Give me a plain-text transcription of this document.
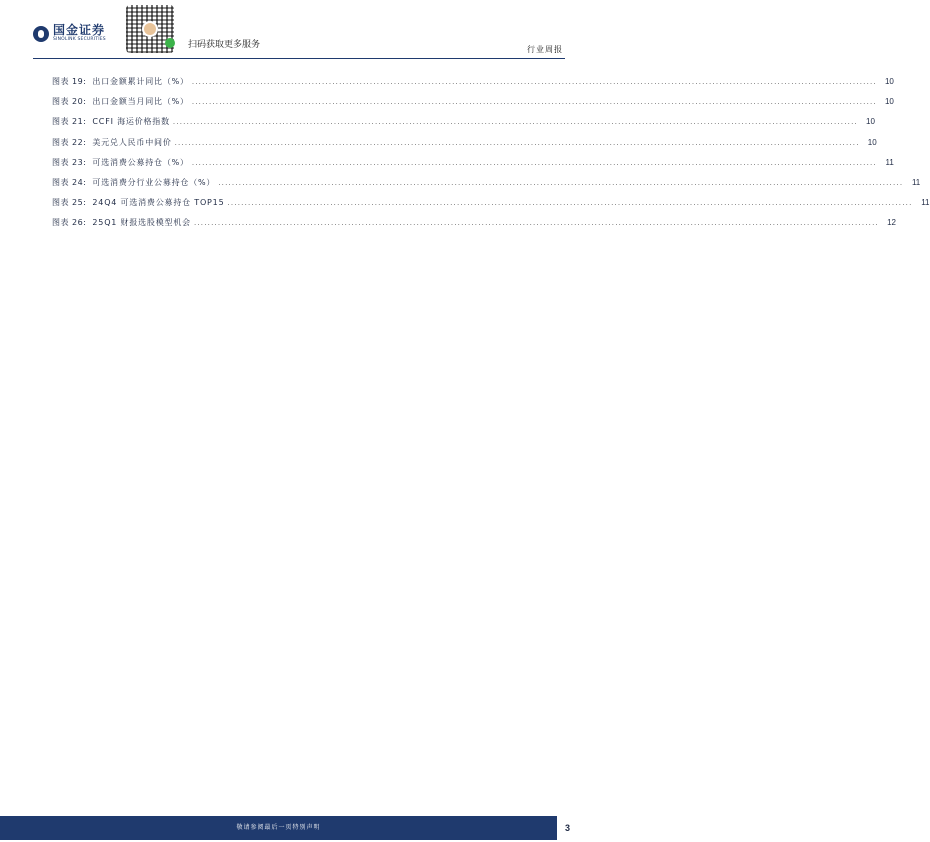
国金证券
SINOLINK SECURITIES
扫码获取更多服务	行业周报
图表 19: 出口金额累计同比（%） ........................................................................................................................................................................................................	10
图表 20: 出口金额当月同比（%） ........................................................................................................................................................................................................	10
图表 21: CCFI 海运价格指数 ........................................................................................................................................................................................................	10
图表 22: 美元兑人民币中间价 ........................................................................................................................................................................................................	10
图表 23: 可选消费公募持仓（%） ........................................................................................................................................................................................................	11
图表 24: 可选消费分行业公募持仓（%） ........................................................................................................................................................................................................	11
图表 25: 24Q4 可选消费公募持仓 TOP15 ........................................................................................................................................................................................................	11
图表 26: 25Q1 财报选股模型机会 ........................................................................................................................................................................................................	12
敬请参阅最后一页特别声明	3
